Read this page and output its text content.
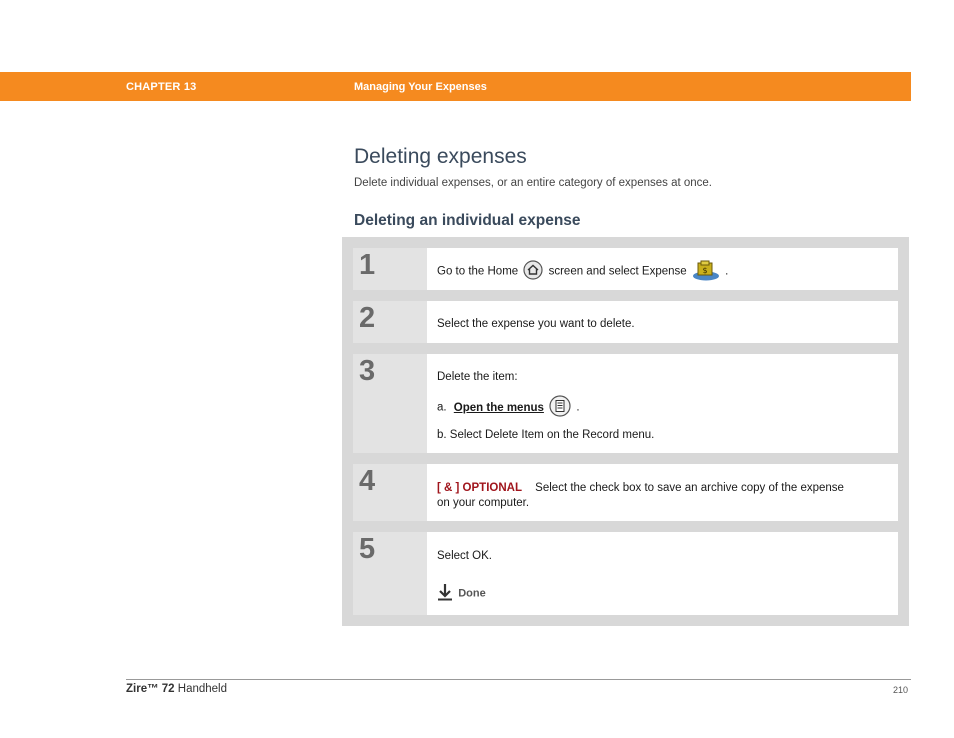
CHAPTER 13	Managing Your Expenses
Deleting expenses

Delete individual expenses, or an entire category of expenses at once.

Deleting an individual expense
1	Go to the Home	screen and select Expense $ .
2	Select the expense you want to delete.
3	Delete the item:
a. Open the menus	.
b. Select Delete Item on the Record menu.
4	[ & ] OPTIONAL Select the check box to save an archive copy of the expense
on your computer.
5	Select OK.
Done
Zire™ 72 Handheld	210
